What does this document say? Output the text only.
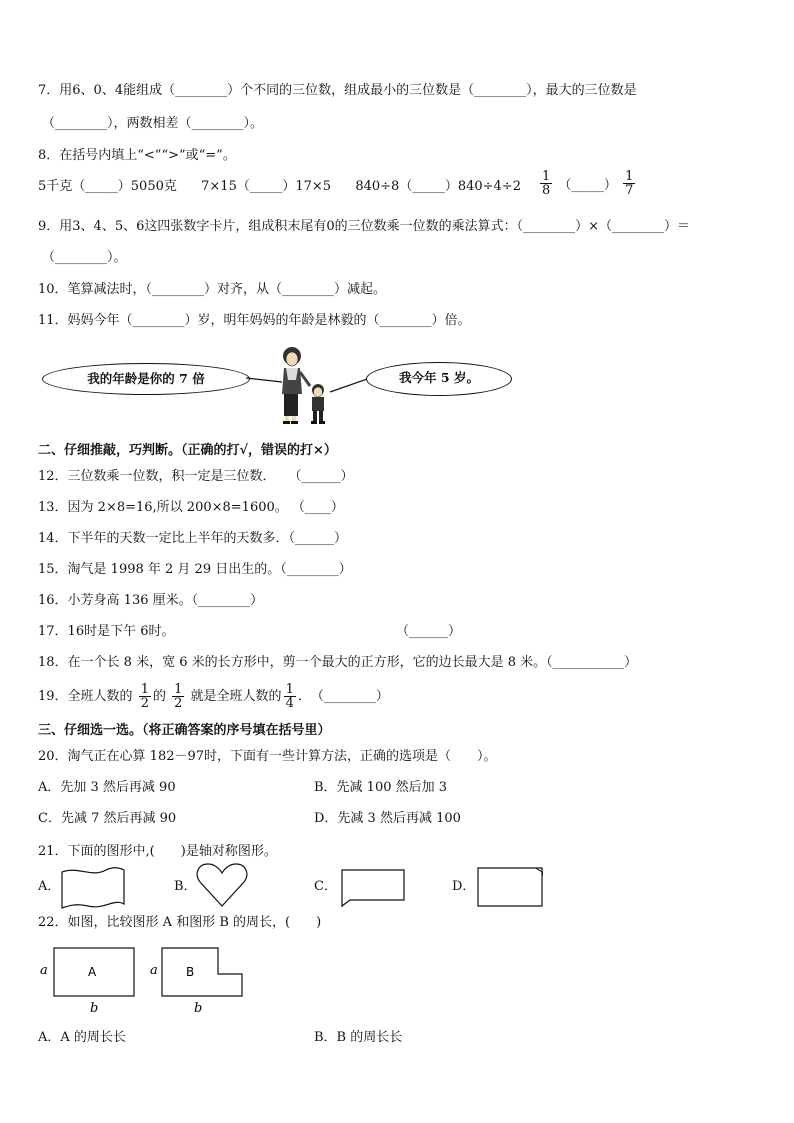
7．用6、0、4能组成（________）个不同的三位数，组成最小的三位数是（________），最大的三位数是
（________），两数相差（________）。
8．在括号内填上“<”“>”或“=”。
5千克（_____）5050克 7×15（_____）17×5 840÷8（_____）840÷4÷2 $\frac{1}{8}$ （_____） $\frac{1}{7}$
9．用3、4、5、6这四张数字卡片，组成积末尾有0的三位数乘一位数的乘法算式：（________）×（________）＝
（________）。
10．笔算减法时，（________）对齐，从（________）减起。
11．妈妈今年（________）岁，明年妈妈的年龄是林毅的（________）倍。
我的年龄是你的 7 倍	我今年 5 岁。
二、仔细推敲，巧判断。（正确的打√，错误的打×）
12．三位数乘一位数，积一定是三位数．　　（______）
13．因为 2×8=16,所以 200×8=1600。 （____）
14．下半年的天数一定比上半年的天数多．（______）
15．淘气是 1998 年 2 月 29 日出生的。（________）
16．小芳身高 136 厘米。（________）
17．16时是下午 6时。	（______）
18．在一个长 8 米，宽 6 米的长方形中，剪一个最大的正方形，它的边长最大是 8 米。（___________）
19．全班人数的 $\frac{1}{2}$ 的 $\frac{1}{2}$ 就是全班人数的 $\frac{1}{4}$ ．　（________）
三、仔细选一选。（将正确答案的序号填在括号里）
20．淘气正在心算 182－97时，下面有一些计算方法，正确的选项是（　　）。
A．先加 3 然后再减 90	B．先减 100 然后加 3
C．先减 7 然后再减 90	D．先减 3 然后再减 100
21．下面的图形中,(　　)是轴对称图形。
A．	B．	C．	D．
22．如图，比较图形 A 和图形 B 的周长，(　　)
A	B
a
b
a
b
A．A 的周长长	B．B 的周长长
